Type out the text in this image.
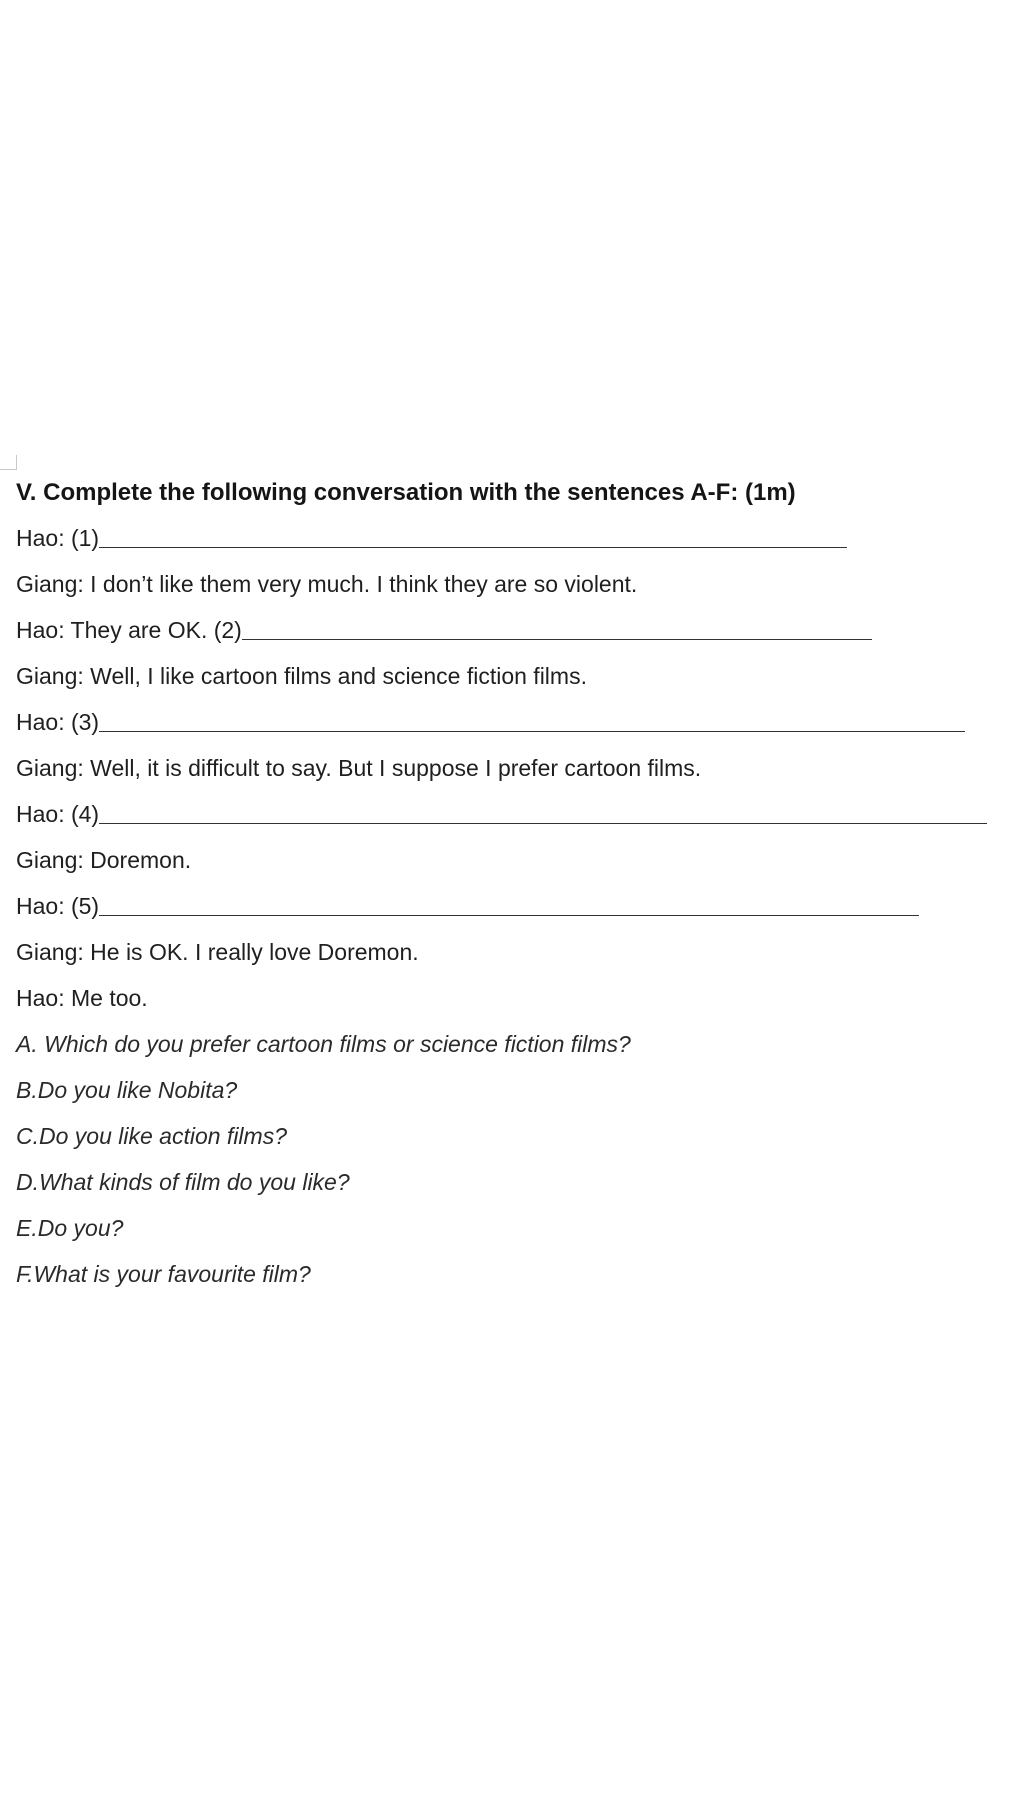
V. Complete the following conversation with the sentences A-F: (1m)
Hao: (1)
Giang: I don’t like them very much. I think they are so violent.
Hao: They are OK. (2)
Giang: Well, I like cartoon films and science fiction films.
Hao: (3)
Giang: Well, it is difficult to say. But I suppose I prefer cartoon films.
Hao: (4)
Giang: Doremon.
Hao: (5)
Giang: He is OK. I really love Doremon.
Hao: Me too.
A. Which do you prefer cartoon films or science fiction films?
B.Do you like Nobita?
C.Do you like action films?
D.What kinds of film do you like?
E.Do you?
F.What is your favourite film?
